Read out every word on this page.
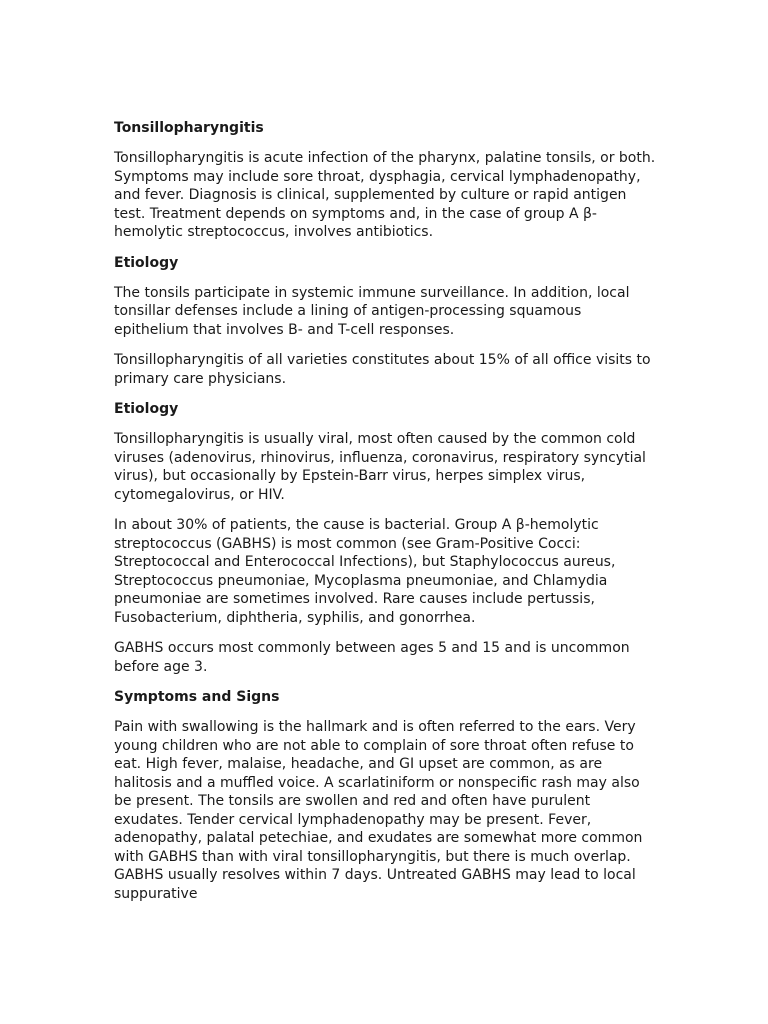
Tonsillopharyngitis

Tonsillopharyngitis is acute infection of the pharynx, palatine tonsils, or both. Symptoms may include sore throat, dysphagia, cervical lymphadenopathy, and fever. Diagnosis is clinical, supplemented by culture or rapid antigen test. Treatment depends on symptoms and, in the case of group A β-hemolytic streptococcus, involves antibiotics.

Etiology

The tonsils participate in systemic immune surveillance. In addition, local tonsillar defenses include a lining of antigen-processing squamous epithelium that involves B- and T-cell responses.

Tonsillopharyngitis of all varieties constitutes about 15% of all office visits to primary care physicians.

Etiology

Tonsillopharyngitis is usually viral, most often caused by the common cold viruses (adenovirus, rhinovirus, influenza, coronavirus, respiratory syncytial virus), but occasionally by Epstein-Barr virus, herpes simplex virus, cytomegalovirus, or HIV.

In about 30% of patients, the cause is bacterial. Group A β-hemolytic streptococcus (GABHS) is most common (see Gram-Positive Cocci: Streptococcal and Enterococcal Infections), but Staphylococcus aureus, Streptococcus pneumoniae, Mycoplasma pneumoniae, and Chlamydia pneumoniae are sometimes involved. Rare causes include pertussis, Fusobacterium, diphtheria, syphilis, and gonorrhea.

GABHS occurs most commonly between ages 5 and 15 and is uncommon before age 3.

Symptoms and Signs

Pain with swallowing is the hallmark and is often referred to the ears. Very young children who are not able to complain of sore throat often refuse to eat. High fever, malaise, headache, and GI upset are common, as are halitosis and a muffled voice. A scarlatiniform or nonspecific rash may also be present. The tonsils are swollen and red and often have purulent exudates. Tender cervical lymphadenopathy may be present. Fever, adenopathy, palatal petechiae, and exudates are somewhat more common with GABHS than with viral tonsillopharyngitis, but there is much overlap. GABHS usually resolves within 7 days. Untreated GABHS may lead to local suppurative
